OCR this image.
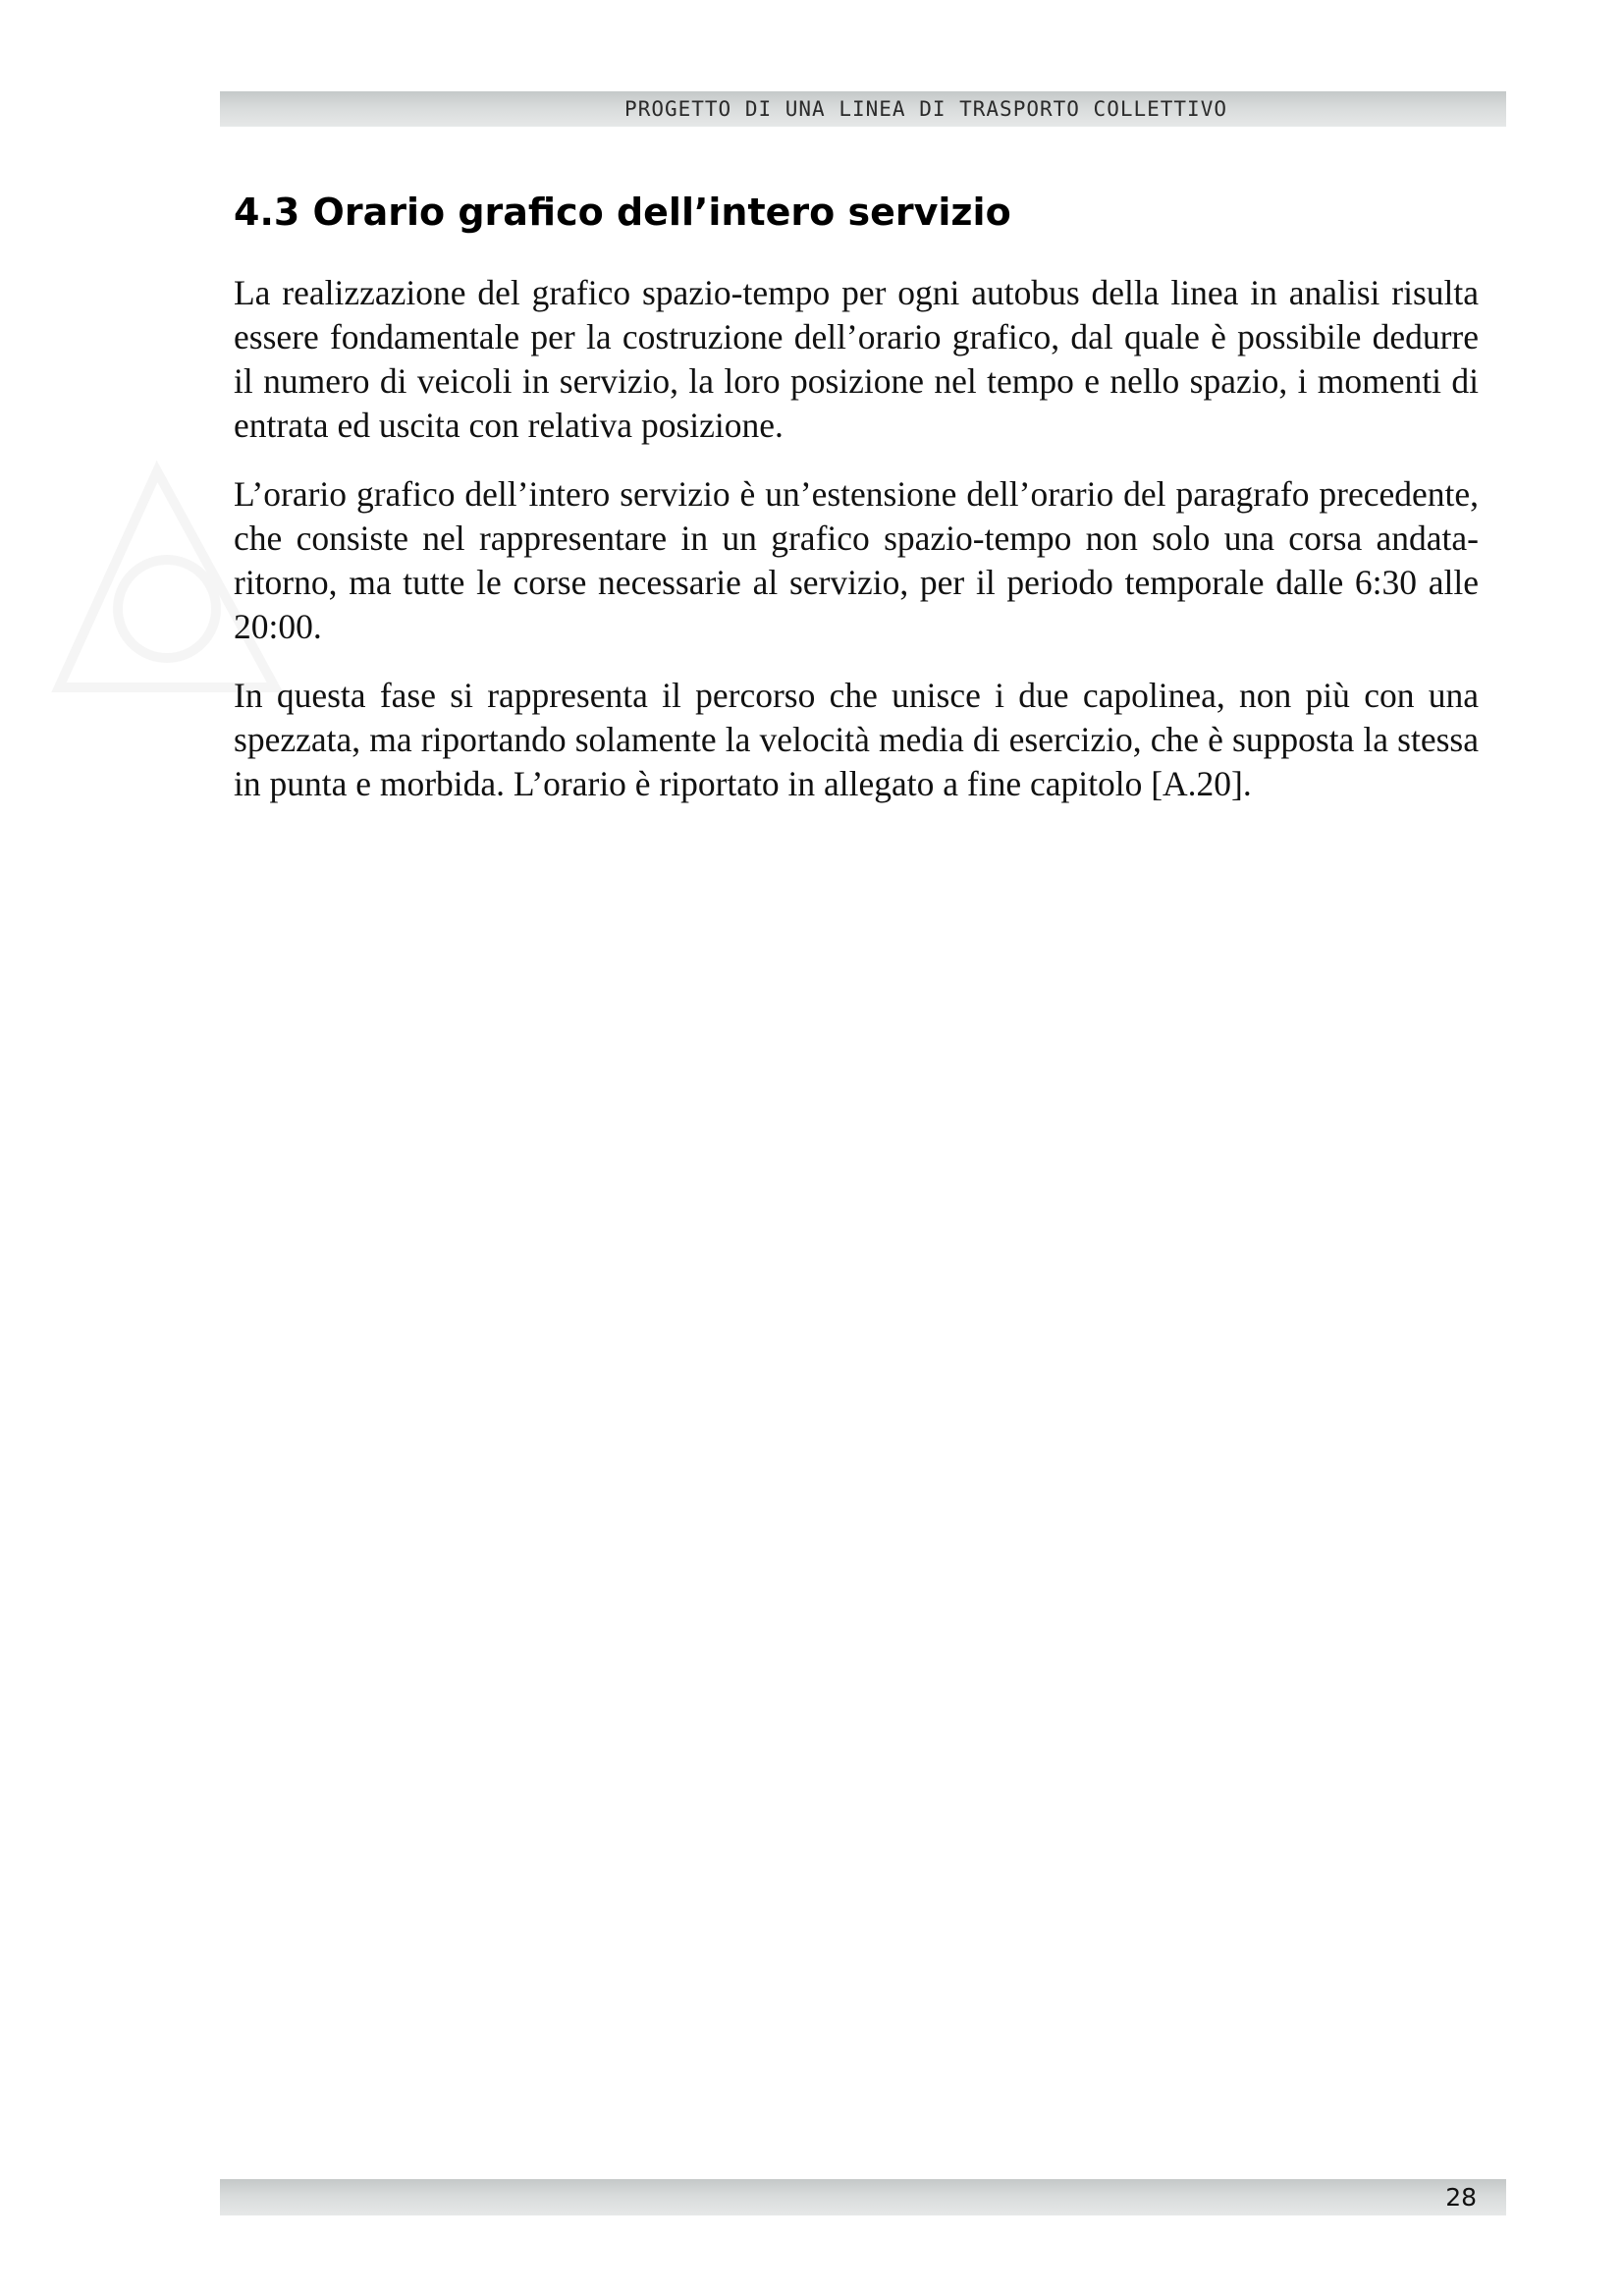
PROGETTO DI UNA LINEA DI TRASPORTO COLLETTIVO
4.3 Orario grafico dell’intero servizio

La realizzazione del grafico spazio-tempo per ogni autobus della linea in analisi risulta essere fondamentale per la costruzione dell’orario grafico, dal quale è possibile dedurre il numero di veicoli in servizio, la loro posizione nel tempo e nello spazio, i momenti di entrata ed uscita con relativa posizione.

L’orario grafico dell’intero servizio è un’estensione dell’orario del paragrafo precedente, che consiste nel rappresentare in un grafico spazio-tempo non solo una corsa andata-ritorno, ma tutte le corse necessarie al servizio, per il periodo temporale dalle 6:30 alle 20:00.

In questa fase si rappresenta il percorso che unisce i due capolinea, non più con una spezzata, ma riportando solamente la velocità media di esercizio, che è supposta la stessa in punta e morbida. L’orario è riportato in allegato a fine capitolo [A.20].

28
